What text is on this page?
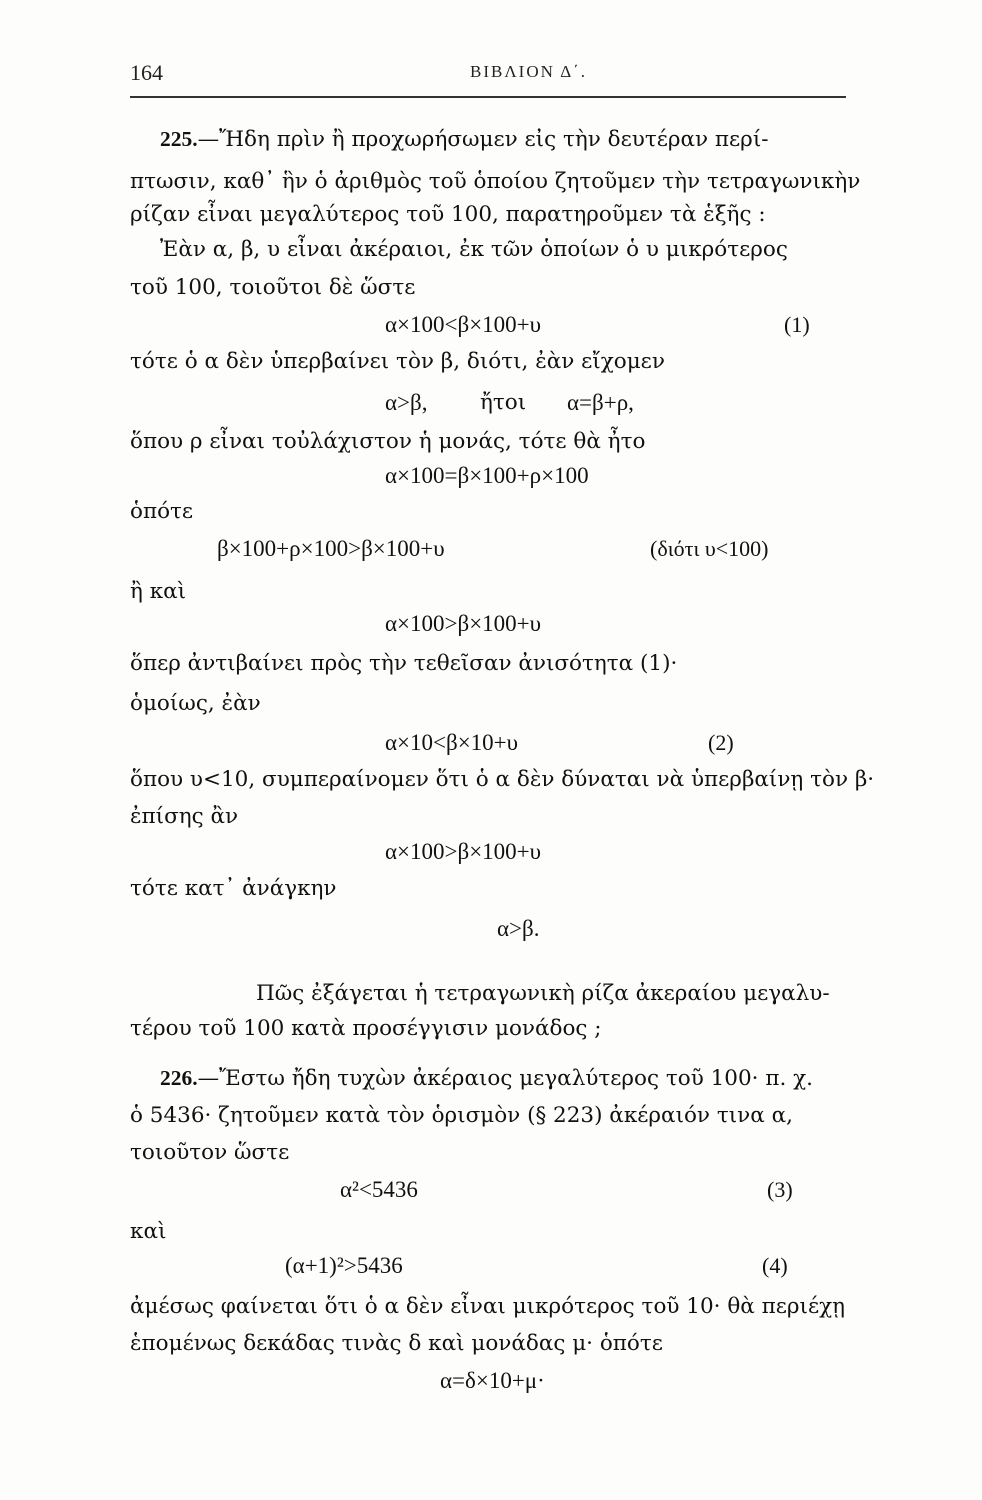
164	ΒΙΒΛΙΟΝ Δ΄.
225.—Ἤδη πρὶν ἢ προχωρήσωμεν εἰς τὴν δευτέραν περί-
πτωσιν, καθ᾽ ἣν ὁ ἀριθμὸς τοῦ ὁποίου ζητοῦμεν τὴν τετραγωνικὴν
ρίζαν εἶναι μεγαλύτερος τοῦ 100, παρατηροῦμεν τὰ ἑξῆς :
Ἐὰν α, β, υ εἶναι ἀκέραιοι, ἐκ τῶν ὁποίων ὁ υ μικρότερος
τοῦ 100, τοιοῦτοι δὲ ὥστε
α×100<β×100+υ	(1)
τότε ὁ α δὲν ὑπερβαίνει τὸν β, διότι, ἐὰν εἴχομεν
α>β, ἤτοι α=β+ρ,
ὅπου ρ εἶναι τοὐλάχιστον ἡ μονάς, τότε θὰ ἦτο
α×100=β×100+ρ×100
ὁπότε
β×100+ρ×100>β×100+υ	(διότι υ<100)
ἢ καὶ
α×100>β×100+υ
ὅπερ ἀντιβαίνει πρὸς τὴν τεθεῖσαν ἀνισότητα (1)·
ὁμοίως, ἐὰν
α×10<β×10+υ	(2)
ὅπου υ<10, συμπεραίνομεν ὅτι ὁ α δὲν δύναται νὰ ὑπερβαίνῃ τὸν β·
ἐπίσης ἂν
α×100>β×100+υ
τότε κατ᾽ ἀνάγκην
α>β.
Πῶς ἐξάγεται ἡ τετραγωνικὴ ρίζα ἀκεραίου μεγαλυ-
τέρου τοῦ 100 κατὰ προσέγγισιν μονάδος ;
226.—Ἔστω ἤδη τυχὼν ἀκέραιος μεγαλύτερος τοῦ 100· π. χ.
ὁ 5436· ζητοῦμεν κατὰ τὸν ὁρισμὸν (§ 223) ἀκέραιόν τινα α,
τοιοῦτον ὥστε
α²<5436	(3)
καὶ
(α+1)²>5436	(4)
ἀμέσως φαίνεται ὅτι ὁ α δὲν εἶναι μικρότερος τοῦ 10· θὰ περιέχῃ
ἑπομένως δεκάδας τινὰς δ καὶ μονάδας μ· ὁπότε
α=δ×10+μ·
